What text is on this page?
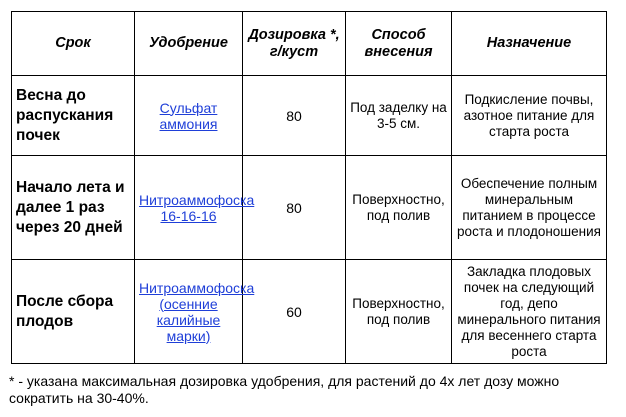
Срок	Удобрение	Дозировка *, г/куст	Способ внесения	Назначение
Весна до распускания почек	Сульфат аммония	80	Под заделку на 3-5 см.	Подкисление почвы, азотное питание для старта роста
Начало лета и далее 1 раз через 20 дней	Нитроаммофоска 16-16-16	80	Поверхностно, под полив	Обеспечение полным минеральным питанием в процессе роста и плодоношения
После сбора плодов	Нитроаммофоска (осенние калийные марки)	60	Поверхностно, под полив	Закладка плодовых почек на следующий год, депо минерального питания для весеннего старта роста
* - указана максимальная дозировка удобрения, для растений до 4х лет дозу можно сократить на 30-40%.
